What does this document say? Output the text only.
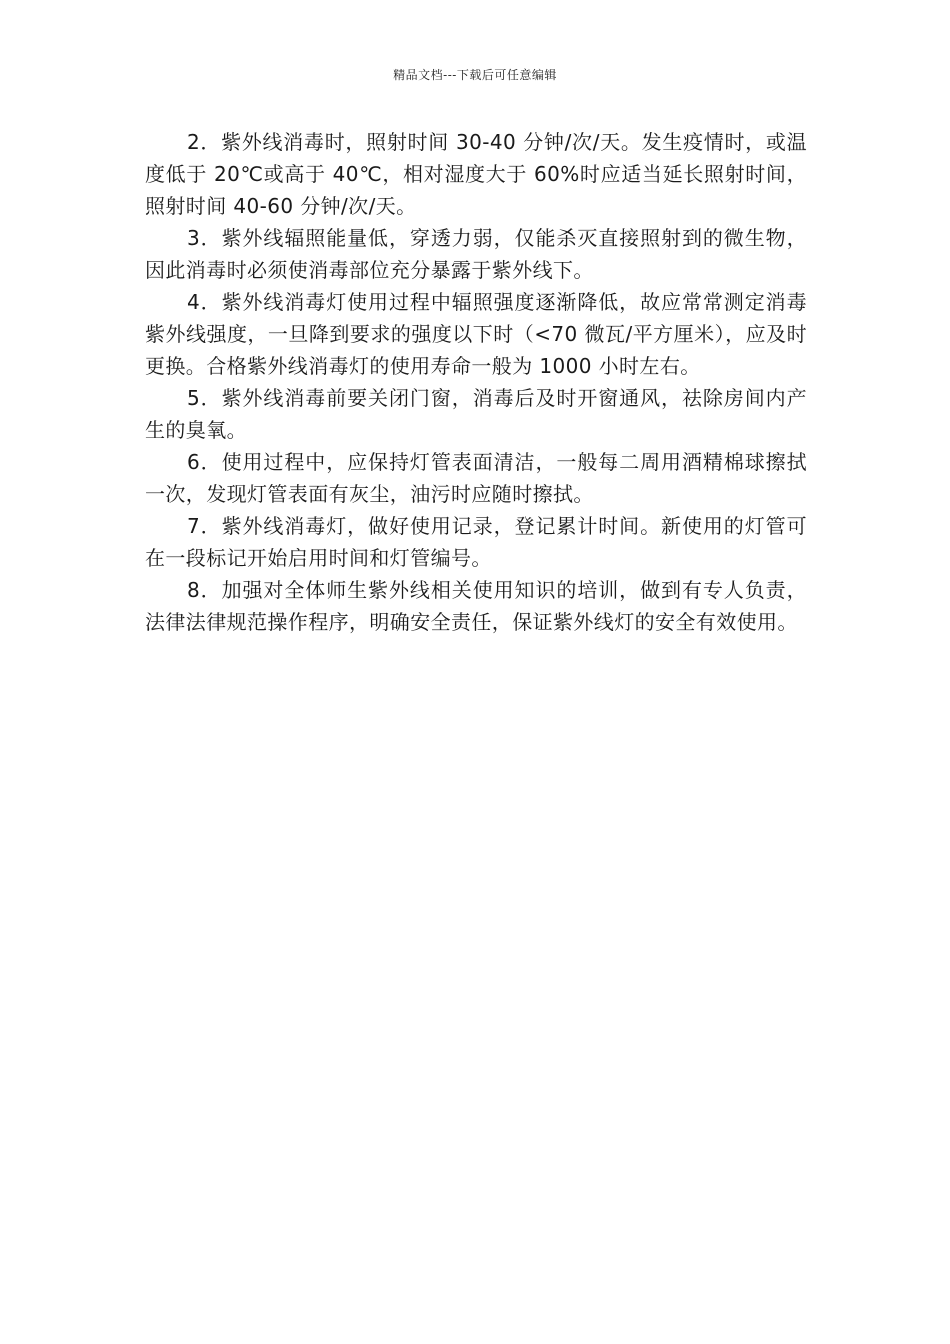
精品文档---下载后可任意编辑

2．紫外线消毒时，照射时间 30-40 分钟/次/天。发生疫情时，或温度低于 20℃或高于 40℃，相对湿度大于 60%时应适当延长照射时间，照射时间 40-60 分钟/次/天。

3．紫外线辐照能量低，穿透力弱，仅能杀灭直接照射到的微生物，因此消毒时必须使消毒部位充分暴露于紫外线下。

4．紫外线消毒灯使用过程中辐照强度逐渐降低，故应常常测定消毒紫外线强度，一旦降到要求的强度以下时（<70 微瓦/平方厘米），应及时更换。合格紫外线消毒灯的使用寿命一般为 1000 小时左右。

5．紫外线消毒前要关闭门窗，消毒后及时开窗通风，祛除房间内产生的臭氧。

6．使用过程中，应保持灯管表面清洁，一般每二周用酒精棉球擦拭一次，发现灯管表面有灰尘，油污时应随时擦拭。

7．紫外线消毒灯，做好使用记录，登记累计时间。新使用的灯管可在一段标记开始启用时间和灯管编号。

8．加强对全体师生紫外线相关使用知识的培训，做到有专人负责，法律法律规范操作程序，明确安全责任，保证紫外线灯的安全有效使用。
